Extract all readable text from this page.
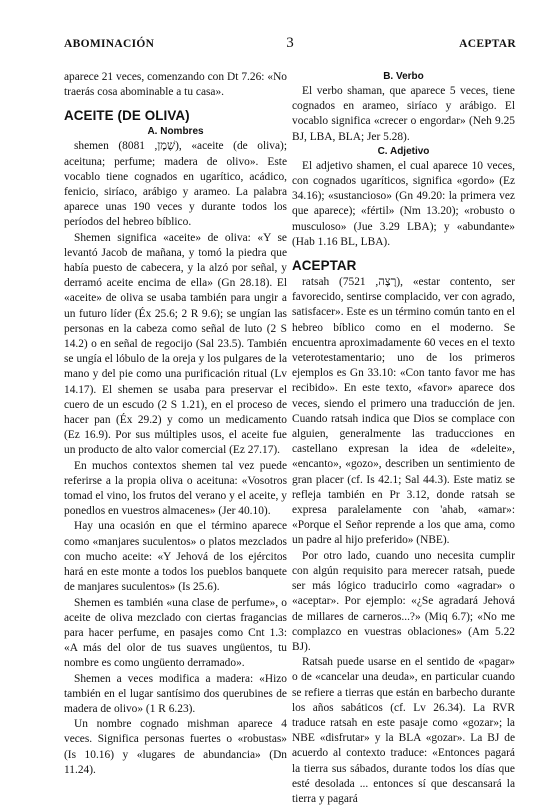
ABOMINACIÓN	3	ACEPTAR

aparece 21 veces, comenzando con Dt 7.26: «No traerás cosa abominable a tu casa».

ACEITE (DE OLIVA)
A. Nombres

shemen (שֶׁמֶן, 8081), «aceite (de oliva); aceituna; perfume; madera de olivo». Este vocablo tiene cognados en ugarítico, acádico, fenicio, siríaco, arábigo y arameo. La palabra aparece unas 190 veces y durante todos los períodos del hebreo bíblico.

Shemen significa «aceite» de oliva: «Y se levantó Jacob de mañana, y tomó la piedra que había puesto de cabecera, y la alzó por señal, y derramó aceite encima de ella» (Gn 28.18). El «aceite» de oliva se usaba también para ungir a un futuro líder (Éx 25.6; 2 R 9.6); se ungían las personas en la cabeza como señal de luto (2 S 14.2) o en señal de regocijo (Sal 23.5). También se ungía el lóbulo de la oreja y los pulgares de la mano y del pie como una purificación ritual (Lv 14.17). El shemen se usaba para preservar el cuero de un escudo (2 S 1.21), en el proceso de hacer pan (Éx 29.2) y como un medicamento (Ez 16.9). Por sus múltiples usos, el aceite fue un producto de alto valor comercial (Ez 27.17).

En muchos contextos shemen tal vez puede referirse a la propia oliva o aceituna: «Vosotros tomad el vino, los frutos del verano y el aceite, y ponedlos en vuestros almacenes» (Jer 40.10).

Hay una ocasión en que el término aparece como «manjares suculentos» o platos mezclados con mucho aceite: «Y Jehová de los ejércitos hará en este monte a todos los pueblos banquete de manjares suculentos» (Is 25.6).

Shemen es también «una clase de perfume», o aceite de oliva mezclado con ciertas fragancias para hacer perfume, en pasajes como Cnt 1.3: «A más del olor de tus suaves ungüentos, tu nombre es como ungüento derramado».

Shemen a veces modifica a madera: «Hizo también en el lugar santísimo dos querubines de madera de olivo» (1 R 6.23).

Un nombre cognado mishman aparece 4 veces. Significa personas fuertes o «robustas» (Is 10.16) y «lugares de abundancia» (Dn 11.24).

B. Verbo

El verbo shaman, que aparece 5 veces, tiene cognados en arameo, siríaco y arábigo. El vocablo significa «crecer o engordar» (Neh 9.25 BJ, LBA, BLA; Jer 5.28).

C. Adjetivo

El adjetivo shamen, el cual aparece 10 veces, con cognados ugaríticos, significa «gordo» (Ez 34.16); «sustancioso» (Gn 49.20: la primera vez que aparece); «fértil» (Nm 13.20); «robusto o musculoso» (Jue 3.29 LBA); y «abundante» (Hab 1.16 BL, LBA).

ACEPTAR

ratsah (רָצָה, 7521), «estar contento, ser favorecido, sentirse complacido, ver con agrado, satisfacer». Este es un término común tanto en el hebreo bíblico como en el moderno. Se encuentra aproximadamente 60 veces en el texto veterotestamentario; uno de los primeros ejemplos es Gn 33.10: «Con tanto favor me has recibido». En este texto, «favor» aparece dos veces, siendo el primero una traducción de jen. Cuando ratsah indica que Dios se complace con alguien, generalmente las traducciones en castellano expresan la idea de «deleite», «encanto», «gozo», describen un sentimiento de gran placer (cf. Is 42.1; Sal 44.3). Este matiz se refleja también en Pr 3.12, donde ratsah se expresa paralelamente con 'ahab, «amar»: «Porque el Señor reprende a los que ama, como un padre al hijo preferido» (NBE).

Por otro lado, cuando uno necesita cumplir con algún requisito para merecer ratsah, puede ser más lógico traducirlo como «agradar» o «aceptar». Por ejemplo: «¿Se agradará Jehová de millares de carneros...?» (Miq 6.7); «No me complazco en vuestras oblaciones» (Am 5.22 BJ).

Ratsah puede usarse en el sentido de «pagar» o de «cancelar una deuda», en particular cuando se refiere a tierras que están en barbecho durante los años sabáticos (cf. Lv 26.34). La RVR traduce ratsah en este pasaje como «gozar»; la NBE «disfrutar» y la BLA «gozar». La BJ de acuerdo al contexto traduce: «Entonces pagará la tierra sus sábados, durante todos los días que esté desolada ... entonces sí que descansará la tierra y pagará
